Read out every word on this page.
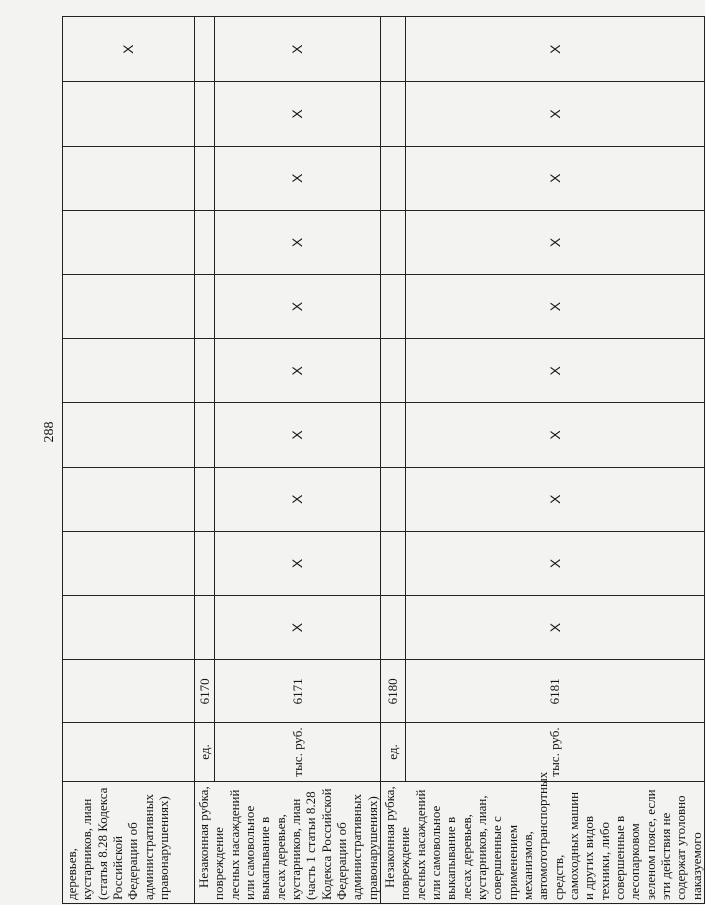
288
деревьев, кустарников, лиан (статья 8.28 Кодекса Российской Федерации об административных правонарушениях)												X

Незаконная рубка, повреждение лесных насаждений или самовольное выкапывание в лесах деревьев, кустарников, лиан (часть 1 статьи 8.28 Кодекса Российской Федерации об административных правонарушениях)	ед.	6170										
	тыс. руб.	6171	X	X	X	X	X	X	X	X	X	X

Незаконная рубка, повреждение лесных насаждений или самовольное выкапывание в лесах деревьев, кустарников, лиан, совершенные с применением механизмов, автомототранспортных средств, самоходных машин и других видов техники, либо совершенные в лесопарковом зеленом поясе, если эти действия не содержат уголовно наказуемого	ед.	6180										
	тыс. руб.	6181	X	X	X	X	X	X	X	X	X	X
